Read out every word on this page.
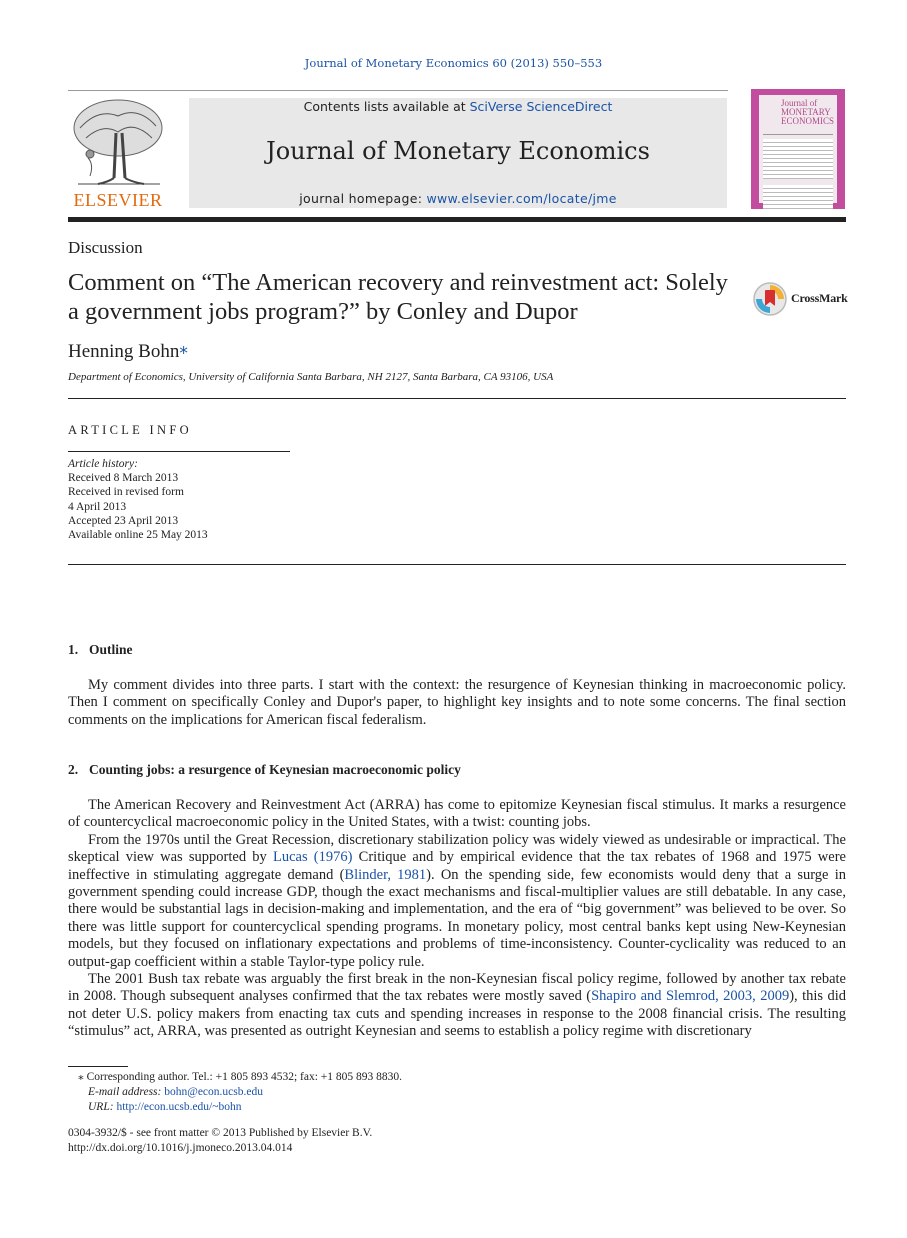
Journal of Monetary Economics 60 (2013) 550–553
ELSEVIER
Contents lists available at SciVerse ScienceDirect
Journal of Monetary Economics
journal homepage: www.elsevier.com/locate/jme
Journal of MONETARY ECONOMICS
Discussion
Comment on “The American recovery and reinvestment act: Solely a government jobs program?” by Conley and Dupor	CrossMark
Henning Bohn⁎
Department of Economics, University of California Santa Barbara, NH 2127, Santa Barbara, CA 93106, USA
ARTICLE INFO
Article history:
Received 8 March 2013
Received in revised form
4 April 2013
Accepted 23 April 2013
Available online 25 May 2013
1. Outline

My comment divides into three parts. I start with the context: the resurgence of Keynesian thinking in macroeconomic policy. Then I comment on specifically Conley and Dupor's paper, to highlight key insights and to note some concerns. The final section comments on the implications for American fiscal federalism.

2. Counting jobs: a resurgence of Keynesian macroeconomic policy

The American Recovery and Reinvestment Act (ARRA) has come to epitomize Keynesian fiscal stimulus. It marks a resurgence of countercyclical macroeconomic policy in the United States, with a twist: counting jobs.

From the 1970s until the Great Recession, discretionary stabilization policy was widely viewed as undesirable or impractical. The skeptical view was supported by Lucas (1976) Critique and by empirical evidence that the tax rebates of 1968 and 1975 were ineffective in stimulating aggregate demand (Blinder, 1981). On the spending side, few economists would deny that a surge in government spending could increase GDP, though the exact mechanisms and fiscal-multiplier values are still debatable. In any case, there would be substantial lags in decision-making and implementation, and the era of “big government” was believed to be over. So there was little support for countercyclical spending programs. In monetary policy, most central banks kept using New-Keynesian models, but they focused on inflationary expectations and problems of time-inconsistency. Counter-cyclicality was reduced to an output-gap coefficient within a stable Taylor-type policy rule.

The 2001 Bush tax rebate was arguably the first break in the non-Keynesian fiscal policy regime, followed by another tax rebate in 2008. Though subsequent analyses confirmed that the tax rebates were mostly saved (Shapiro and Slemrod, 2003, 2009), this did not deter U.S. policy makers from enacting tax cuts and spending increases in response to the 2008 financial crisis. The resulting “stimulus” act, ARRA, was presented as outright Keynesian and seems to establish a policy regime with discretionary

⁎ Corresponding author. Tel.: +1 805 893 4532; fax: +1 805 893 8830.
E-mail address: bohn@econ.ucsb.edu
URL: http://econ.ucsb.edu/~bohn
0304-3932/$ - see front matter © 2013 Published by Elsevier B.V.
http://dx.doi.org/10.1016/j.jmoneco.2013.04.014
